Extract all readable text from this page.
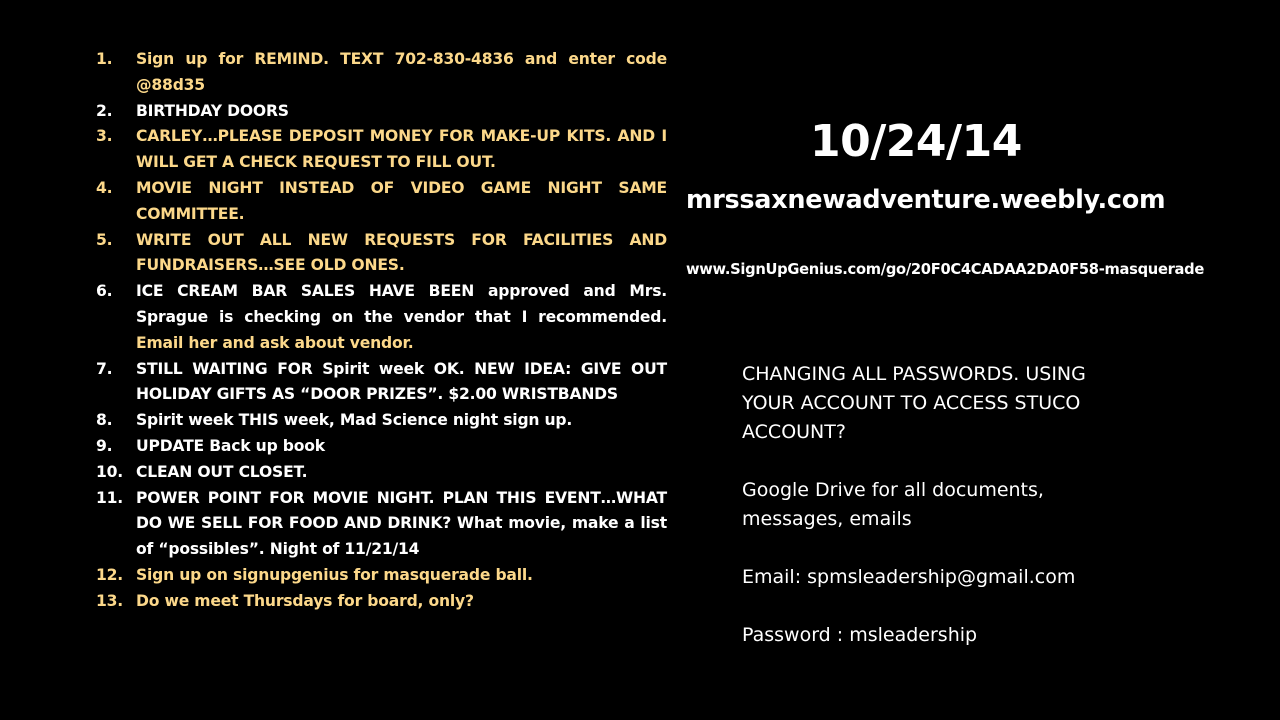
1.	Sign up for REMIND. TEXT 702-830-4836 and enter code @88d35
2.	BIRTHDAY DOORS
3.	CARLEY…PLEASE DEPOSIT MONEY FOR MAKE-UP KITS. AND I WILL GET A CHECK REQUEST TO FILL OUT.
4.	MOVIE NIGHT INSTEAD OF VIDEO GAME NIGHT SAME COMMITTEE.
5.	WRITE OUT ALL NEW REQUESTS FOR FACILITIES AND FUNDRAISERS…SEE OLD ONES.
6.	ICE CREAM BAR SALES HAVE BEEN approved and Mrs. Sprague is checking on the vendor that I recommended. Email her and ask about vendor.
7.	STILL WAITING FOR Spirit week OK. NEW IDEA: GIVE OUT HOLIDAY GIFTS AS “DOOR PRIZES”. $2.00 WRISTBANDS
8.	Spirit week THIS week, Mad Science night sign up.
9.	UPDATE Back up book
10. CLEAN OUT CLOSET.
11. POWER POINT FOR MOVIE NIGHT. PLAN THIS EVENT…WHAT DO WE SELL FOR FOOD AND DRINK? What movie, make a list of “possibles”. Night of 11/21/14
12. Sign up on signupgenius for masquerade ball.
13. Do we meet Thursdays for board, only?
10/24/14
mrssaxnewadventure.weebly.com
www.SignUpGenius.com/go/20F0C4CADAA2DA0F58-masquerade

CHANGING ALL PASSWORDS. USING YOUR ACCOUNT TO ACCESS STUCO ACCOUNT?

Google Drive for all documents, messages, emails

Email: spmsleadership@gmail.com

Password : msleadership
